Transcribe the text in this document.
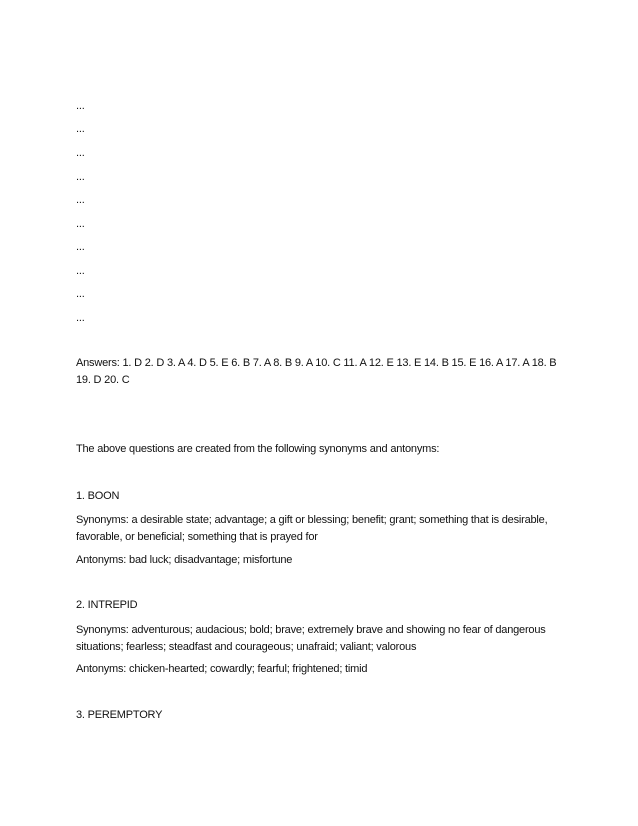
...
...
...
...
...
...
...
...
...
...
Answers: 1. D 2. D 3. A 4. D 5. E 6. B 7. A 8. B 9. A 10. C 11. A 12. E 13. E 14. B 15. E 16. A 17. A 18. B 19. D 20. C
The above questions are created from the following synonyms and antonyms:
1. BOON
Synonyms: a desirable state; advantage; a gift or blessing; benefit; grant; something that is desirable, favorable, or beneficial; something that is prayed for
Antonyms: bad luck; disadvantage; misfortune
2. INTREPID
Synonyms: adventurous; audacious; bold; brave; extremely brave and showing no fear of dangerous situations; fearless; steadfast and courageous; unafraid; valiant; valorous
Antonyms: chicken-hearted; cowardly; fearful; frightened; timid
3. PEREMPTORY
